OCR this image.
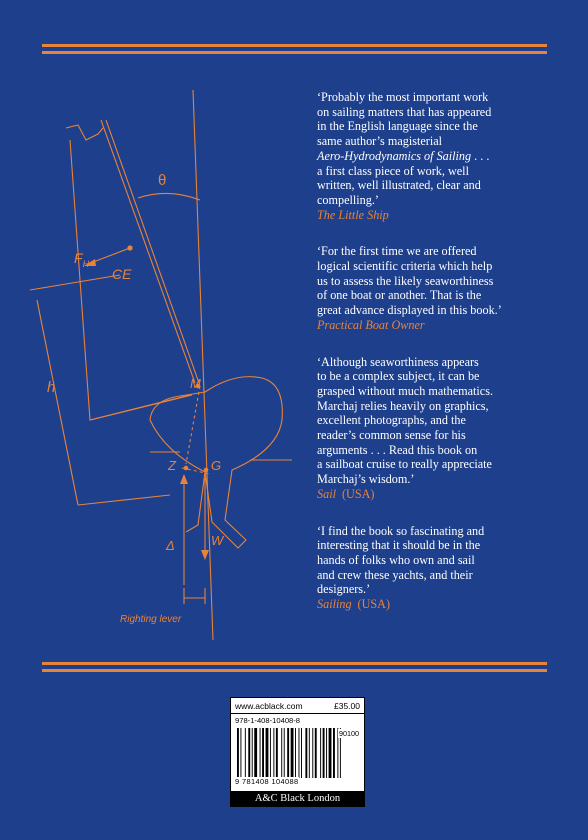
θ
$F_H$
CE
h	M
Z	G
Δ	W
Righting lever

‘Probably the most important work
on sailing matters that has appeared
in the English language since the
same author’s magisterial
Aero-Hydrodynamics of Sailing . . .
a first class piece of work, well
written, well illustrated, clear and
compelling.’

The Little Ship

‘For the first time we are offered
logical scientific criteria which help
us to assess the likely seaworthiness
of one boat or another. That is the
great advance displayed in this book.’

Practical Boat Owner

‘Although seaworthiness appears
to be a complex subject, it can be
grasped without much mathematics.
Marchaj relies heavily on graphics,
excellent photographs, and the
reader’s common sense for his
arguments . . . Read this book on
a sailboat cruise to really appreciate
Marchaj’s wisdom.’

Sail (USA)

‘I find the book so fascinating and
interesting that it should be in the
hands of folks who own and sail
and crew these yachts, and their
designers.’

Sailing (USA)

www.acblack.com	£35.00
978-1-408-10408-8
90100
9 781408 104088
A&C Black London
